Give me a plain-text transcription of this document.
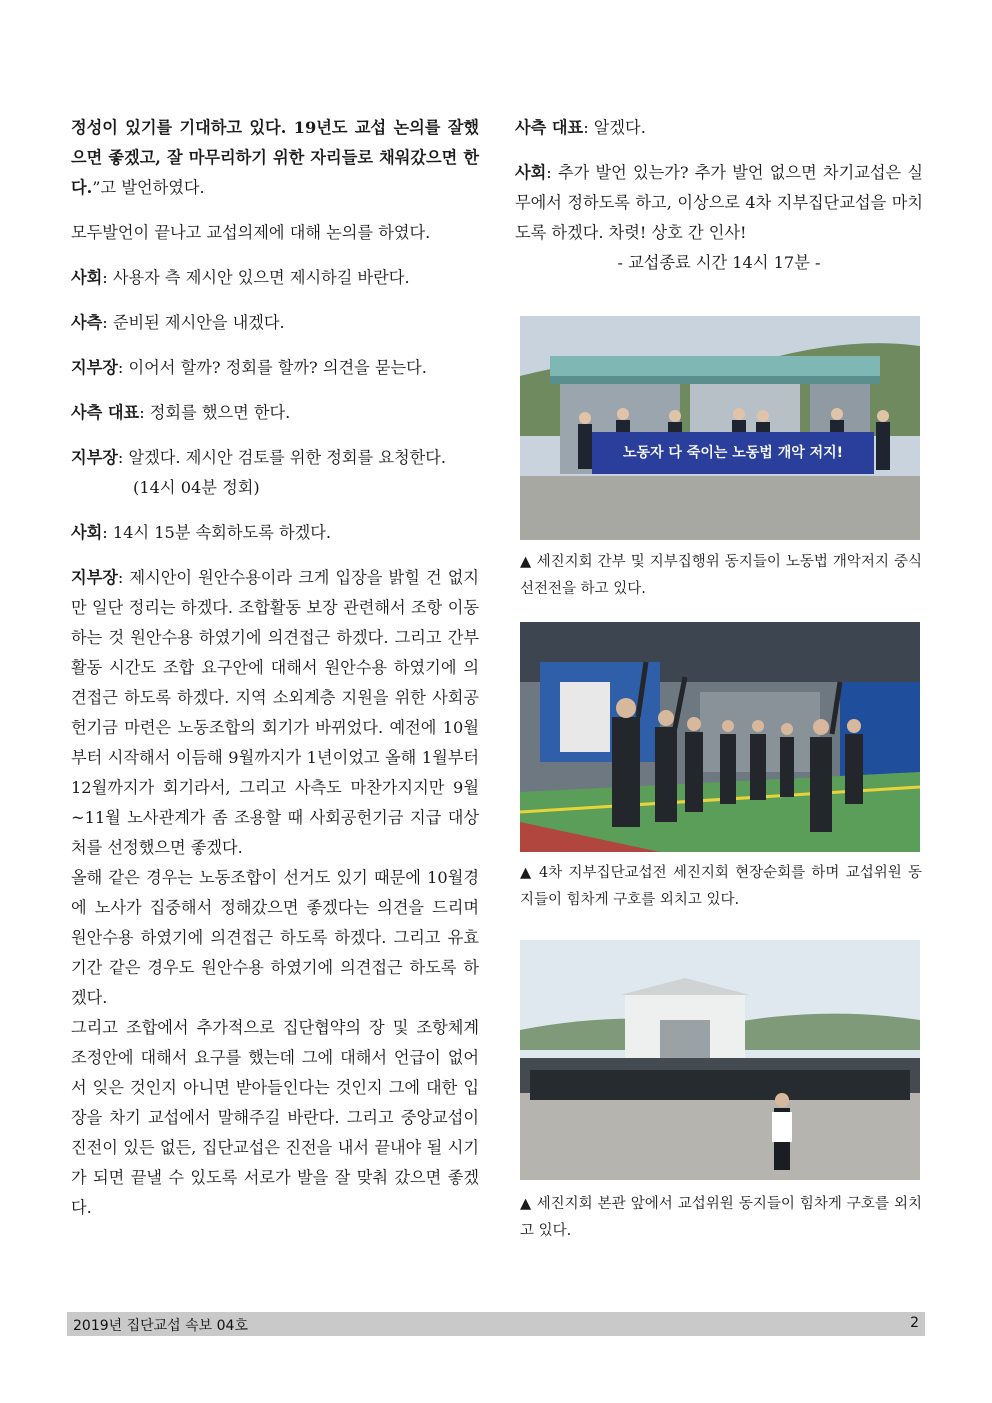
정성이 있기를 기대하고 있다. 19년도 교섭 논의를 잘했으면 좋겠고, 잘 마무리하기 위한 자리들로 채워갔으면 한다.”고 발언하였다.

모두발언이 끝나고 교섭의제에 대해 논의를 하였다.

사회: 사용자 측 제시안 있으면 제시하길 바란다.

사측: 준비된 제시안을 내겠다.

지부장: 이어서 할까? 정회를 할까? 의견을 묻는다.

사측 대표: 정회를 했으면 한다.

지부장: 알겠다. 제시안 검토를 위한 정회를 요청한다.
(14시 04분 정회)

사회: 14시 15분 속회하도록 하겠다.

지부장: 제시안이 원안수용이라 크게 입장을 밝힐 건 없지만 일단 정리는 하겠다. 조합활동 보장 관련해서 조항 이동하는 것 원안수용 하였기에 의견접근 하겠다. 그리고 간부활동 시간도 조합 요구안에 대해서 원안수용 하였기에 의견접근 하도록 하겠다. 지역 소외계층 지원을 위한 사회공헌기금 마련은 노동조합의 회기가 바뀌었다. 예전에 10월부터 시작해서 이듬해 9월까지가 1년이었고 올해 1월부터 12월까지가 회기라서, 그리고 사측도 마찬가지지만 9월~11월 노사관계가 좀 조용할 때 사회공헌기금 지급 대상처를 선정했으면 좋겠다.

올해 같은 경우는 노동조합이 선거도 있기 때문에 10월경에 노사가 집중해서 정해갔으면 좋겠다는 의견을 드리며 원안수용 하였기에 의견접근 하도록 하겠다. 그리고 유효기간 같은 경우도 원안수용 하였기에 의견접근 하도록 하겠다.

그리고 조합에서 추가적으로 집단협약의 장 및 조항체계 조정안에 대해서 요구를 했는데 그에 대해서 언급이 없어서 잊은 것인지 아니면 받아들인다는 것인지 그에 대한 입장을 차기 교섭에서 말해주길 바란다. 그리고 중앙교섭이 진전이 있든 없든, 집단교섭은 진전을 내서 끝내야 될 시기가 되면 끝낼 수 있도록 서로가 발을 잘 맞춰 갔으면 좋겠다.

사측 대표: 알겠다.

사회: 추가 발언 있는가? 추가 발언 없으면 차기교섭은 실무에서 정하도록 하고, 이상으로 4차 지부집단교섭을 마치도록 하겠다. 차렷! 상호 간 인사!

- 교섭종료 시간 14시 17분 -

노동자 다 죽이는 노동법 개악 저지!
▲ 세진지회 간부 및 지부집행위 동지들이 노동법 개악저지 중식선전전을 하고 있다.
▲ 4차 지부집단교섭전 세진지회 현장순회를 하며 교섭위원 동지들이 힘차게 구호를 외치고 있다.
▲ 세진지회 본관 앞에서 교섭위원 동지들이 힘차게 구호를 외치고 있다.
2019년 집단교섭 속보 04호	2
